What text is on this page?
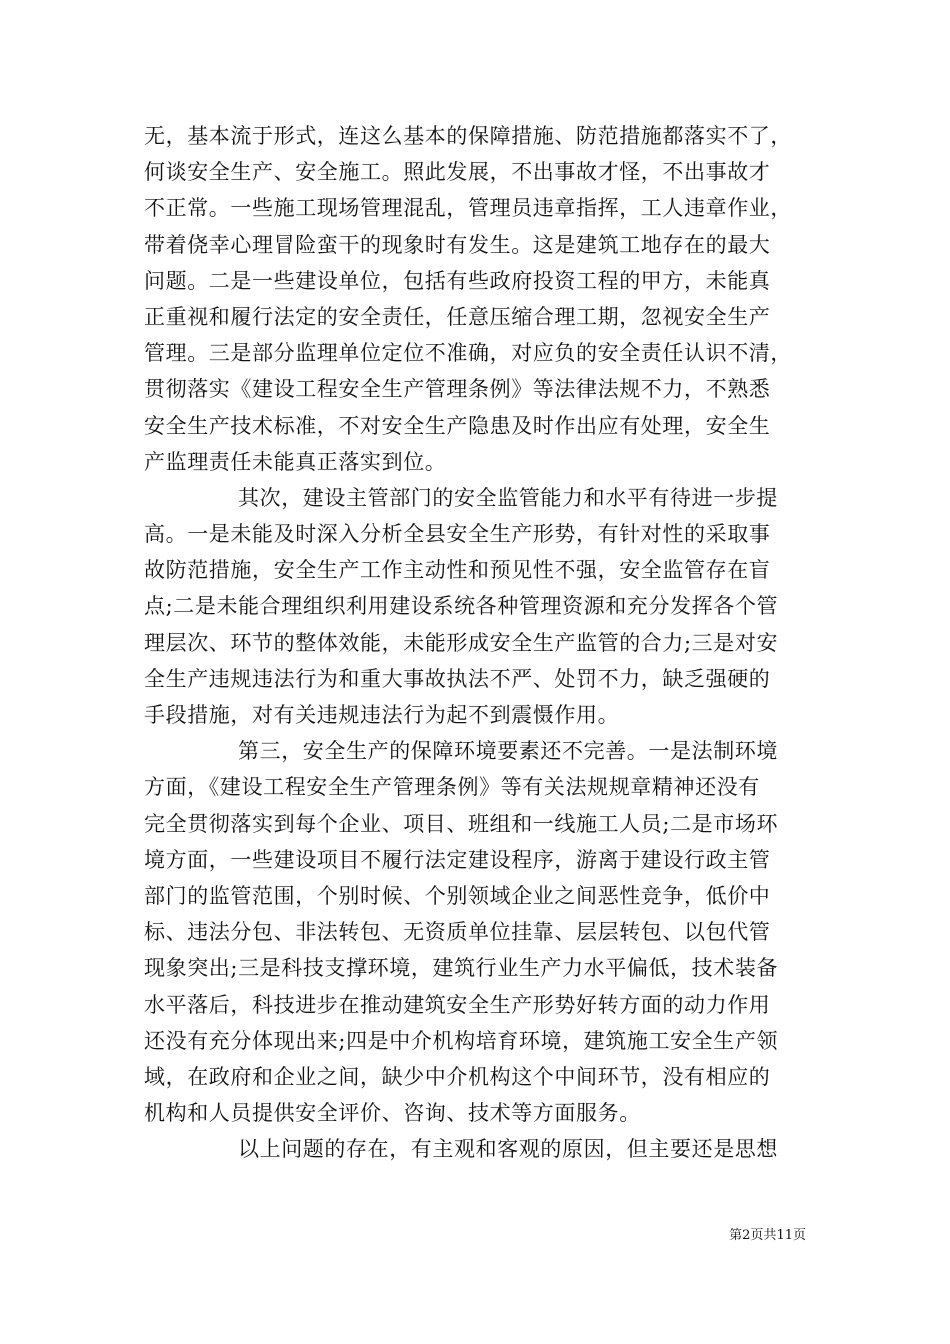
无，基本流于形式，连这么基本的保障措施、防范措施都落实不了，
何谈安全生产、安全施工。照此发展，不出事故才怪，不出事故才
不正常。一些施工现场管理混乱，管理员违章指挥，工人违章作业，
带着侥幸心理冒险蛮干的现象时有发生。这是建筑工地存在的最大
问题。二是一些建设单位，包括有些政府投资工程的甲方，未能真
正重视和履行法定的安全责任，任意压缩合理工期，忽视安全生产
管理。三是部分监理单位定位不准确，对应负的安全责任认识不清，
贯彻落实《建设工程安全生产管理条例》等法律法规不力，不熟悉
安全生产技术标准，不对安全生产隐患及时作出应有处理，安全生
产监理责任未能真正落实到位。
其次，建设主管部门的安全监管能力和水平有待进一步提
高。一是未能及时深入分析全县安全生产形势，有针对性的采取事
故防范措施，安全生产工作主动性和预见性不强，安全监管存在盲
点;二是未能合理组织利用建设系统各种管理资源和充分发挥各个管
理层次、环节的整体效能，未能形成安全生产监管的合力;三是对安
全生产违规违法行为和重大事故执法不严、处罚不力，缺乏强硬的
手段措施，对有关违规违法行为起不到震慑作用。
第三，安全生产的保障环境要素还不完善。一是法制环境
方面，《建设工程安全生产管理条例》等有关法规规章精神还没有
完全贯彻落实到每个企业、项目、班组和一线施工人员;二是市场环
境方面，一些建设项目不履行法定建设程序，游离于建设行政主管
部门的监管范围，个别时候、个别领域企业之间恶性竞争，低价中
标、违法分包、非法转包、无资质单位挂靠、层层转包、以包代管
现象突出;三是科技支撑环境，建筑行业生产力水平偏低，技术装备
水平落后，科技进步在推动建筑安全生产形势好转方面的动力作用
还没有充分体现出来;四是中介机构培育环境，建筑施工安全生产领
域，在政府和企业之间，缺少中介机构这个中间环节，没有相应的
机构和人员提供安全评价、咨询、技术等方面服务。
以上问题的存在，有主观和客观的原因，但主要还是思想
第2页共11页
